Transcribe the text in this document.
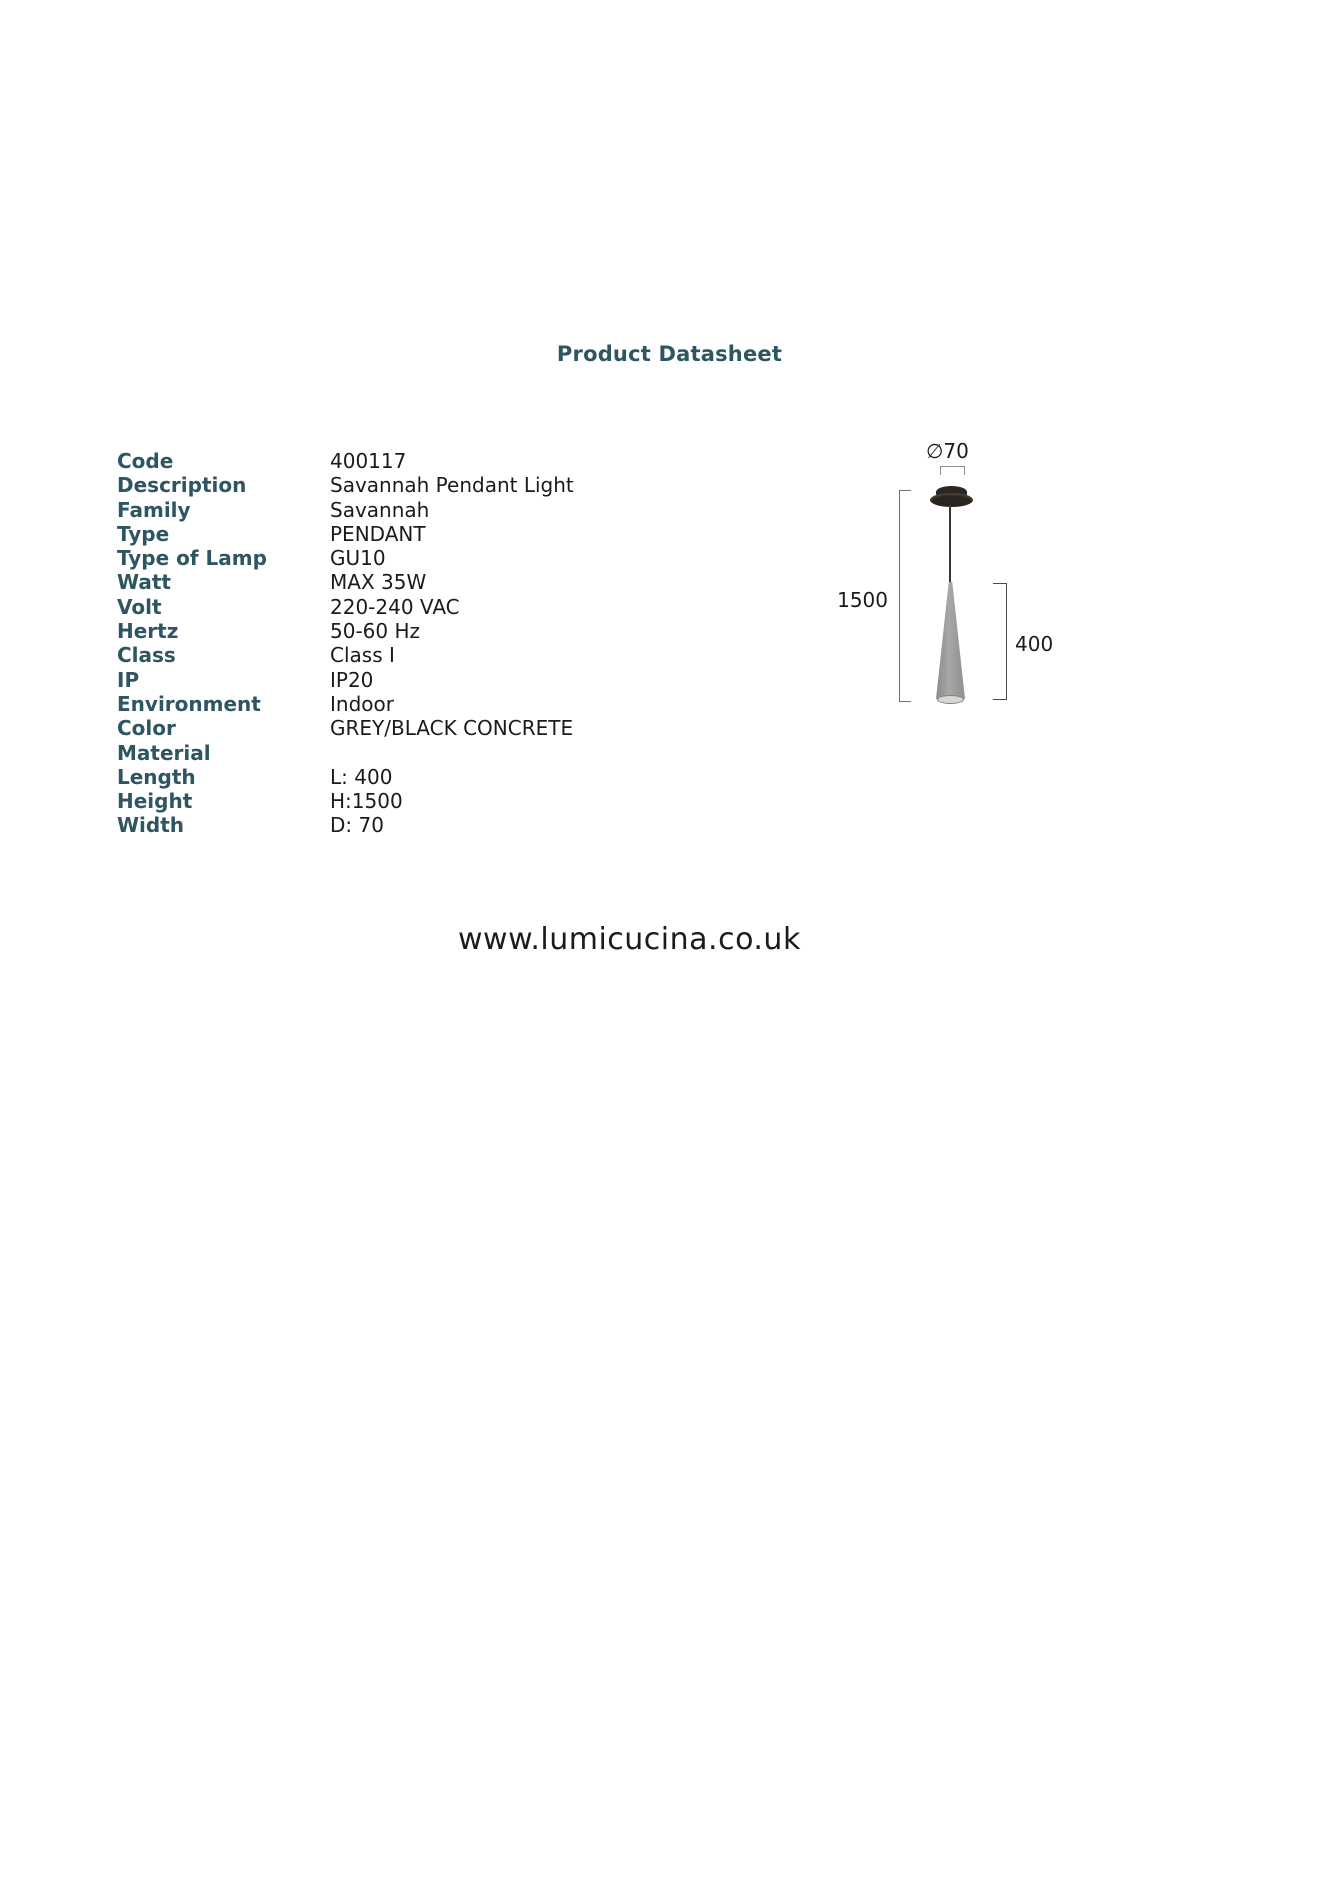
Product Datasheet
Code	400117
Description	Savannah Pendant Light
Family	Savannah
Type	PENDANT
Type of Lamp	GU10
Watt	MAX 35W
Volt	220-240 VAC
Hertz	50-60 Hz
Class	Class I
IP	IP20
Environment	Indoor
Color	GREY/BLACK CONCRETE
Material
Length	L: 400
Height	H:1500
Width	D: 70
∅70
1500
400
www.lumicucina.co.uk
